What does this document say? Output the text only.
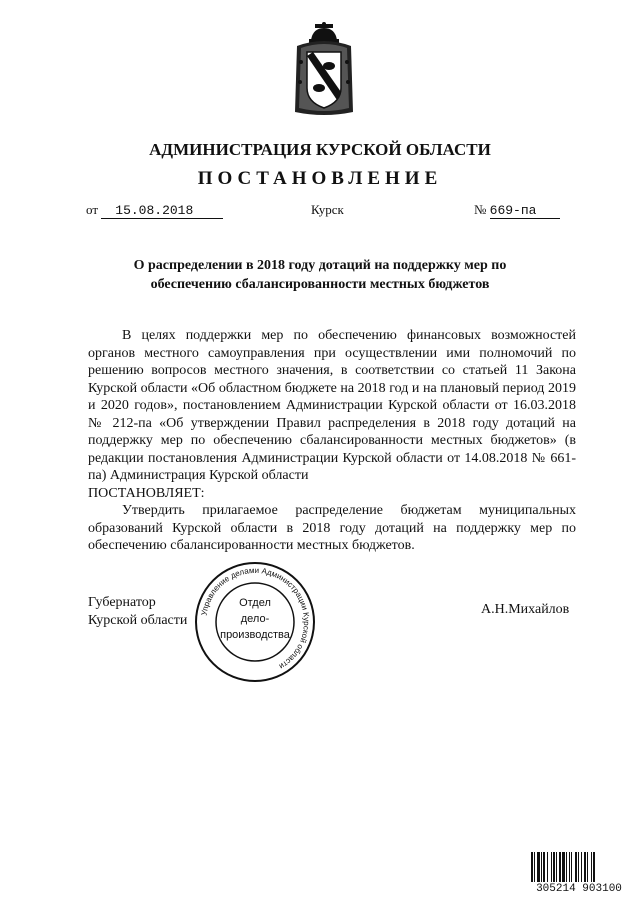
АДМИНИСТРАЦИЯ КУРСКОЙ ОБЛАСТИ
ПОСТАНОВЛЕНИЕ
от 15.08.2018	Курск	№ 669-па
О распределении в 2018 году дотаций на поддержку мер по
обеспечению сбалансированности местных бюджетов

В целях поддержки мер по обеспечению финансовых возможностей органов местного самоуправления при осуществлении ими полномочий по решению вопросов местного значения, в соответствии со статьей 11 Закона Курской области «Об областном бюджете на 2018 год и на плановый период 2019 и 2020 годов», постановлением Администрации Курской области от 16.03.2018 № 212-па «Об утверждении Правил распределения в 2018 году дотаций на поддержку мер по обеспечению сбалансированности местных бюджетов» (в редакции постановления Администрации Курской области от 14.08.2018 № 661-па) Администрация Курской области

ПОСТАНОВЛЯЕТ:

Утвердить прилагаемое распределение бюджетам муниципальных образований Курской области в 2018 году дотаций на поддержку мер по обеспечению сбалансированности местных бюджетов.

Губернатор
Курской области
А.Н.Михайлов
Управление делами Администрации Курской области
Отдел
дело-
производства
305214 903100
